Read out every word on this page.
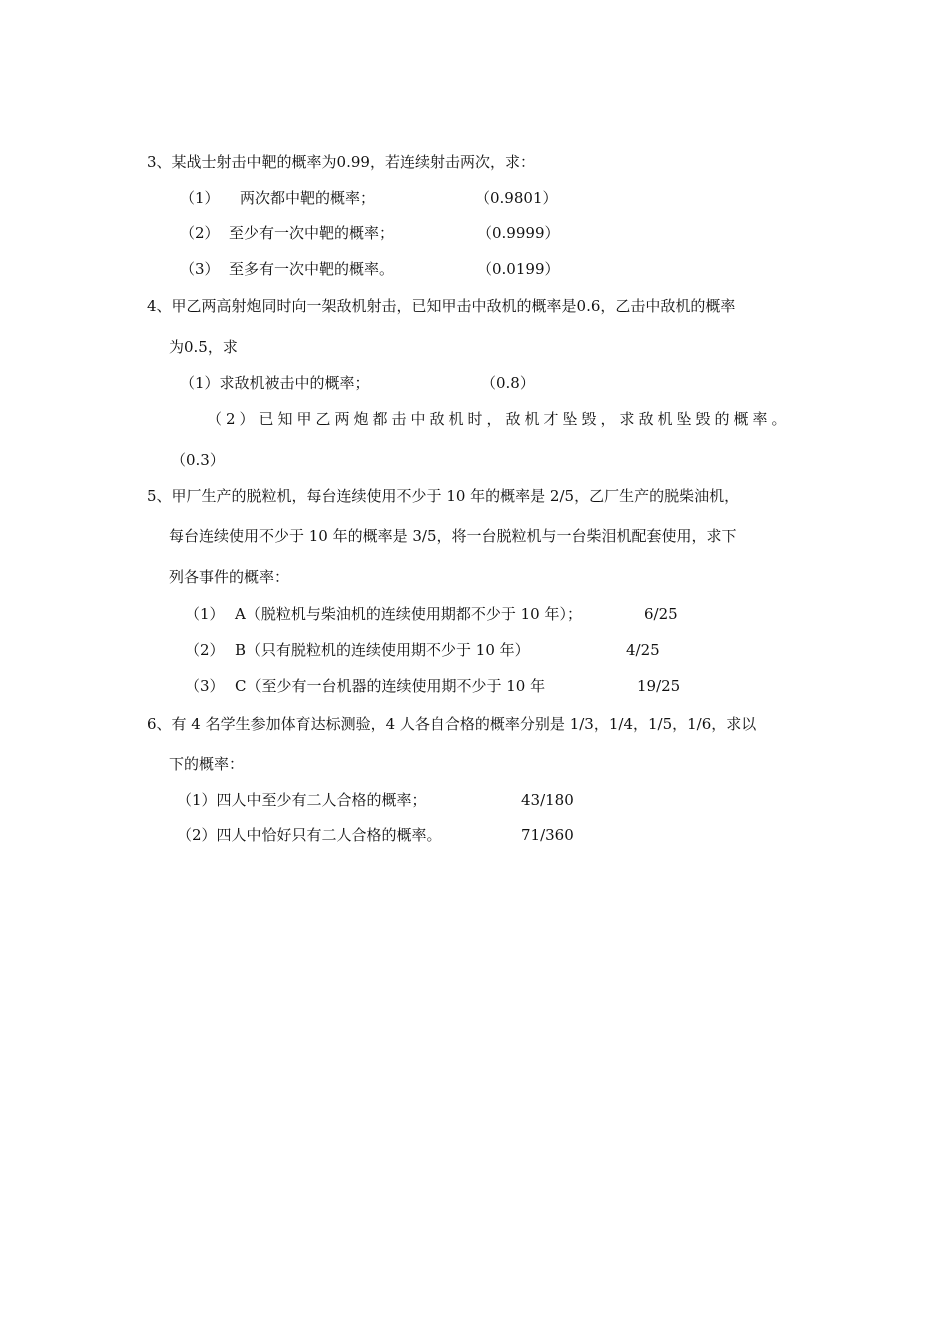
3、某战士射击中靶的概率为0.99，若连续射击两次，求：
（1） 两次都中靶的概率；	（0.9801）
（2） 至少有一次中靶的概率；	（0.9999）
（3） 至多有一次中靶的概率。	（0.0199）
4、甲乙两高射炮同时向一架敌机射击，已知甲击中敌机的概率是0.6，乙击中敌机的概率
为0.5，求
（1）求敌机被击中的概率；	（0.8）
（2）已知甲乙两炮都击中敌机时，敌机才坠毁，求敌机坠毁的概率。
（0.3）
5、甲厂生产的脱粒机，每台连续使用不少于 10 年的概率是 2/5，乙厂生产的脱柴油机，
每台连续使用不少于 10 年的概率是 3/5，将一台脱粒机与一台柴泪机配套使用，求下
列各事件的概率：
（1） A（脱粒机与柴油机的连续使用期都不少于 10 年）；	6/25
（2） B（只有脱粒机的连续使用期不少于 10 年）	4/25
（3） C（至少有一台机器的连续使用期不少于 10 年	19/25
6、有 4 名学生参加体育达标测验，4 人各自合格的概率分别是 1/3，1/4，1/5，1/6，求以
下的概率：
（1）四人中至少有二人合格的概率；	43/180
（2）四人中恰好只有二人合格的概率。	71/360
